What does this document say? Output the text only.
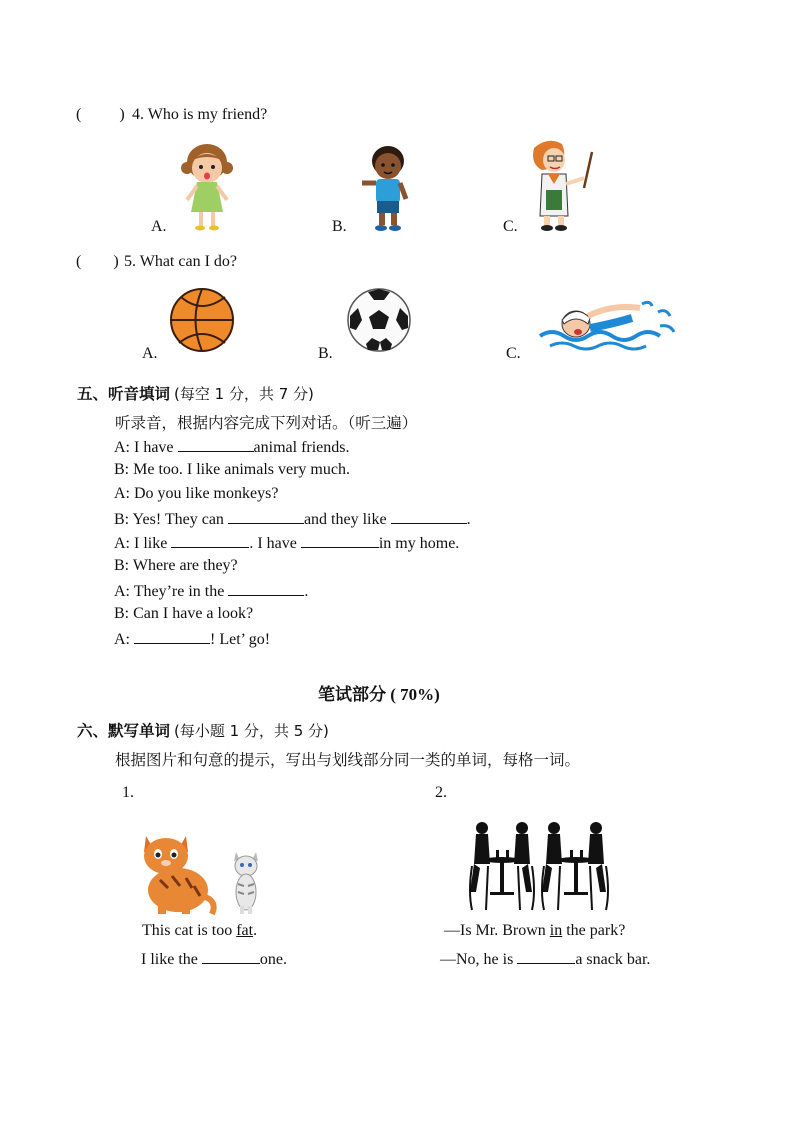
( ) 4. Who is my friend?
A.	B.	C.
( ) 5. What can I do?
A.	B.	C.
五、听音填词 (每空 1 分，共 7 分)
听录音，根据内容完成下列对话。（听三遍）
A: I have	animal friends.
B: Me too. I like animals very much.
A: Do you like monkeys?
B: Yes! They can	and they like	.
A: I like	. I have	in my home.
B: Where are they?
A: They’re in the	.
B: Can I have a look?
A:	! Let’ go!
笔试部分 ( 70%)
六、默写单词 (每小题 1 分，共 5 分)
根据图片和句意的提示，写出与划线部分同一类的单词，每格一词。
1.	2.
This cat is too fat.
I like the	one.
—Is Mr. Brown in the park?
—No, he is	a snack bar.
